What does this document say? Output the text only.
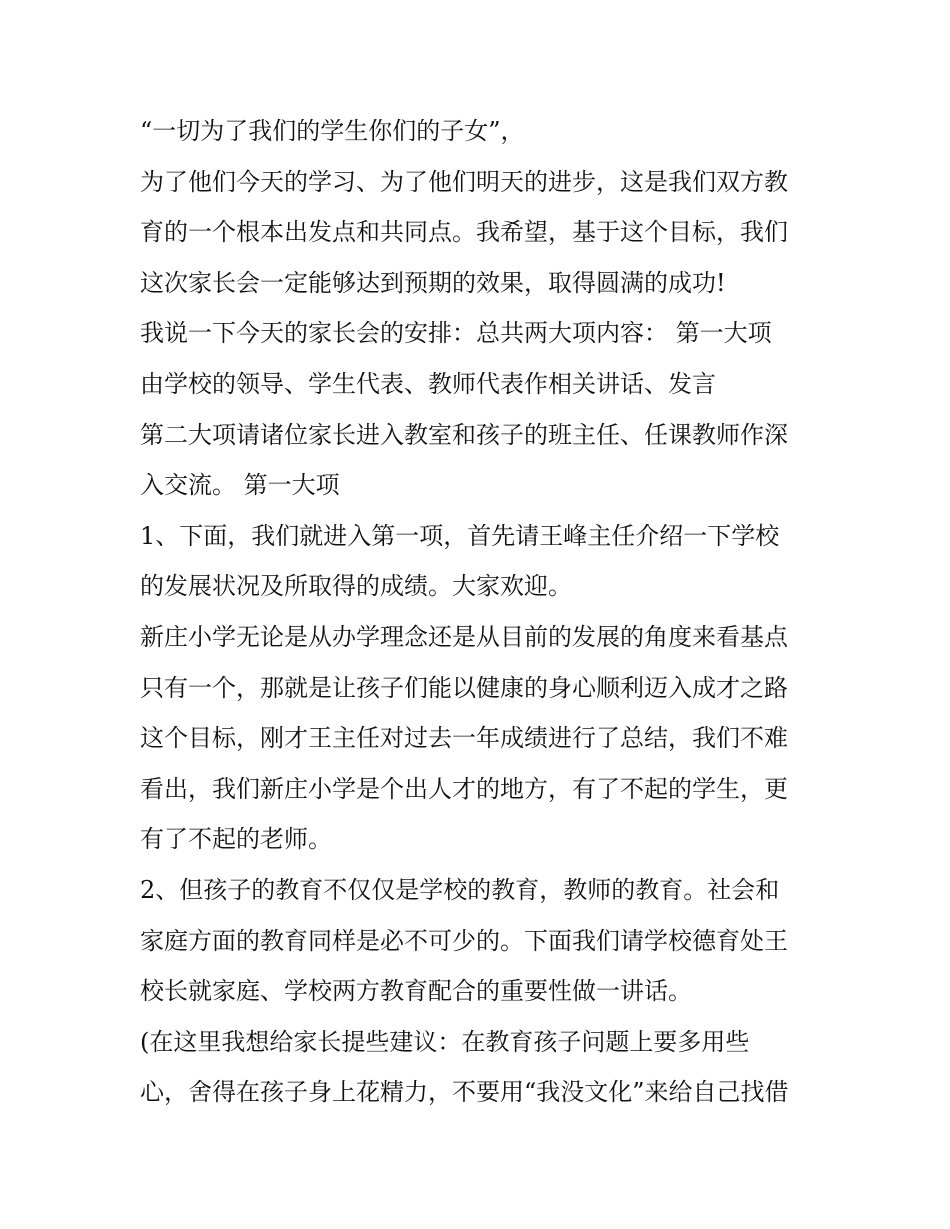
“一切为了我们的学生你们的子女”，
为了他们今天的学习、为了他们明天的进步，这是我们双方教
育的一个根本出发点和共同点。我希望，基于这个目标，我们
这次家长会一定能够达到预期的效果，取得圆满的成功!
我说一下今天的家长会的安排：总共两大项内容： 第一大项
由学校的领导、学生代表、教师代表作相关讲话、发言
第二大项请诸位家长进入教室和孩子的班主任、任课教师作深
入交流。 第一大项
1、下面，我们就进入第一项，首先请王峰主任介绍一下学校
的发展状况及所取得的成绩。大家欢迎。
新庄小学无论是从办学理念还是从目前的发展的角度来看基点
只有一个，那就是让孩子们能以健康的身心顺利迈入成才之路
这个目标，刚才王主任对过去一年成绩进行了总结，我们不难
看出，我们新庄小学是个出人才的地方，有了不起的学生，更
有了不起的老师。
2、但孩子的教育不仅仅是学校的教育，教师的教育。社会和
家庭方面的教育同样是必不可少的。下面我们请学校德育处王
校长就家庭、学校两方教育配合的重要性做一讲话。
(在这里我想给家长提些建议：在教育孩子问题上要多用些
心，舍得在孩子身上花精力，不要用“我没文化”来给自己找借
